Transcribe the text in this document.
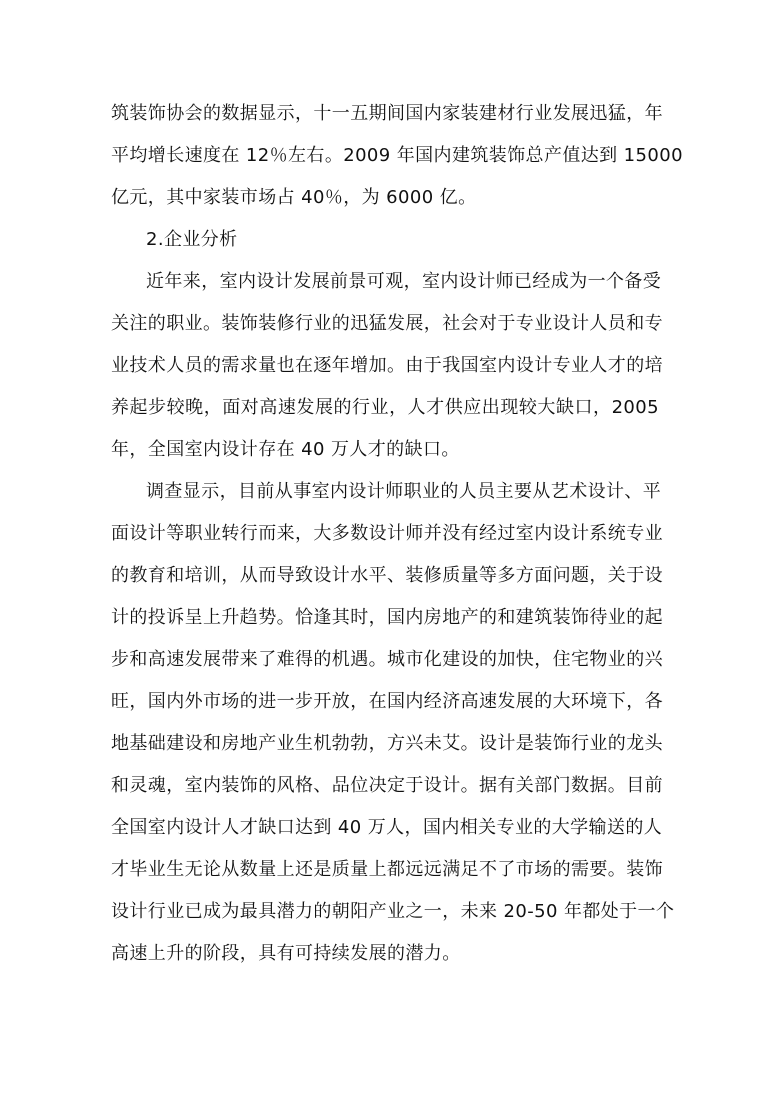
筑装饰协会的数据显示，十一五期间国内家装建材行业发展迅猛，年
平均增长速度在 12％左右。2009 年国内建筑装饰总产值达到 15000
亿元，其中家装市场占 40％，为 6000 亿。
2.企业分析
近年来，室内设计发展前景可观，室内设计师已经成为一个备受
关注的职业。装饰装修行业的迅猛发展，社会对于专业设计人员和专
业技术人员的需求量也在逐年增加。由于我国室内设计专业人才的培
养起步较晚，面对高速发展的行业，人才供应出现较大缺口，2005
年，全国室内设计存在 40 万人才的缺口。
调查显示，目前从事室内设计师职业的人员主要从艺术设计、平
面设计等职业转行而来，大多数设计师并没有经过室内设计系统专业
的教育和培训，从而导致设计水平、装修质量等多方面问题，关于设
计的投诉呈上升趋势。恰逢其时，国内房地产的和建筑装饰待业的起
步和高速发展带来了难得的机遇。城市化建设的加快，住宅物业的兴
旺，国内外市场的进一步开放，在国内经济高速发展的大环境下，各
地基础建设和房地产业生机勃勃，方兴未艾。设计是装饰行业的龙头
和灵魂，室内装饰的风格、品位决定于设计。据有关部门数据。目前
全国室内设计人才缺口达到 40 万人，国内相关专业的大学输送的人
才毕业生无论从数量上还是质量上都远远满足不了市场的需要。装饰
设计行业已成为最具潜力的朝阳产业之一，未来 20-50 年都处于一个
高速上升的阶段，具有可持续发展的潜力。
